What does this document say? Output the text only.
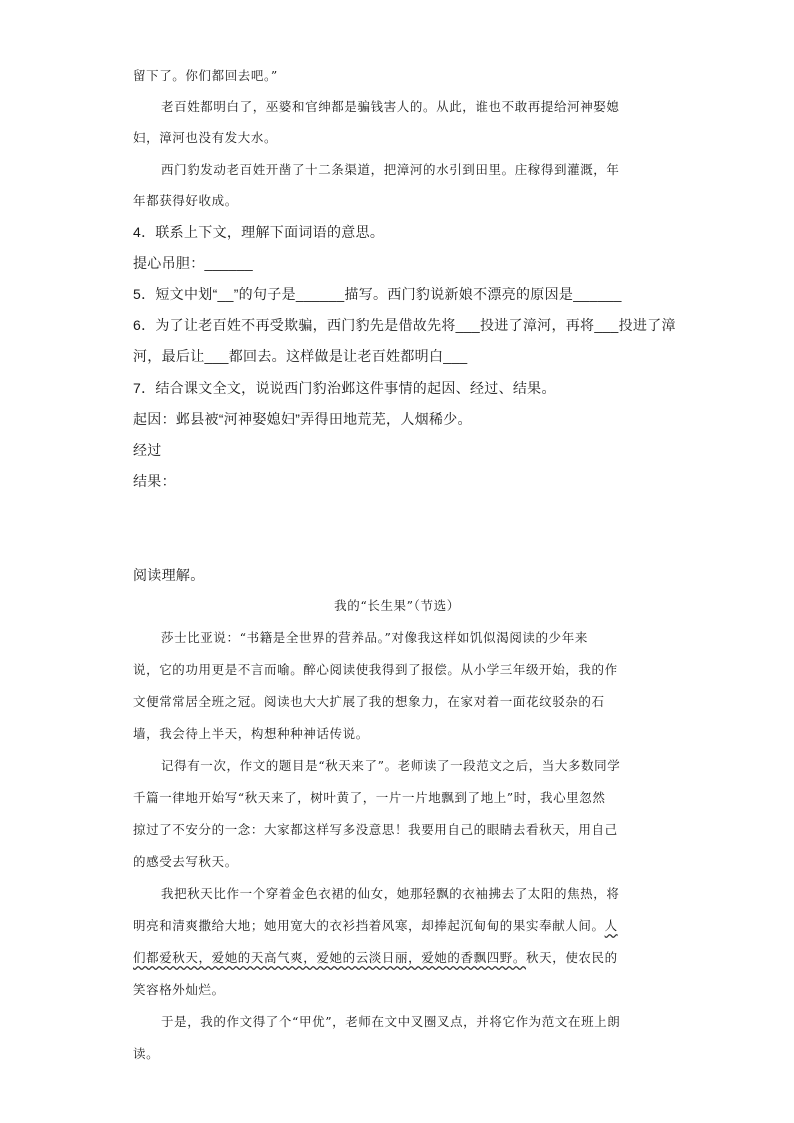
留下了。你们都回去吧。”
老百姓都明白了，巫婆和官绅都是骗钱害人的。从此，谁也不敢再提给河神娶媳
妇，漳河也没有发大水。
西门豹发动老百姓开凿了十二条渠道，把漳河的水引到田里。庄稼得到灌溉，年
年都获得好收成。
4．联系上下文，理解下面词语的意思。
提心吊胆：______
5．短文中划“__”的句子是______描写。西门豹说新娘不漂亮的原因是______
6．为了让老百姓不再受欺骗，西门豹先是借故先将___投进了漳河，再将___投进了漳
河，最后让___都回去。这样做是让老百姓都明白___
7．结合课文全文，说说西门豹治邺这件事情的起因、经过、结果。
起因：邺县被“河神娶媳妇”弄得田地荒芜，人烟稀少。
经过
结果：
阅读理解。
我的“长生果”（节选）
莎士比亚说：“书籍是全世界的营养品。”对像我这样如饥似渴阅读的少年来
说，它的功用更是不言而喻。醉心阅读使我得到了报偿。从小学三年级开始，我的作
文便常常居全班之冠。阅读也大大扩展了我的想象力，在家对着一面花纹驳杂的石
墙，我会待上半天，构想种种神话传说。
记得有一次，作文的题目是“秋天来了”。老师读了一段范文之后，当大多数同学
千篇一律地开始写“秋天来了，树叶黄了，一片一片地飘到了地上”时，我心里忽然
掠过了不安分的一念：大家都这样写多没意思！我要用自己的眼睛去看秋天，用自己
的感受去写秋天。
我把秋天比作一个穿着金色衣裙的仙女，她那轻飘的衣袖拂去了太阳的焦热，将
明亮和清爽撒给大地；她用宽大的衣衫挡着风寒，却捧起沉甸甸的果实奉献人间。人
们都爱秋天，爱她的天高气爽，爱她的云淡日丽，爱她的香飘四野。秋天，使农民的
笑容格外灿烂。
于是，我的作文得了个“甲优”，老师在文中叉圈叉点，并将它作为范文在班上朗
读。
